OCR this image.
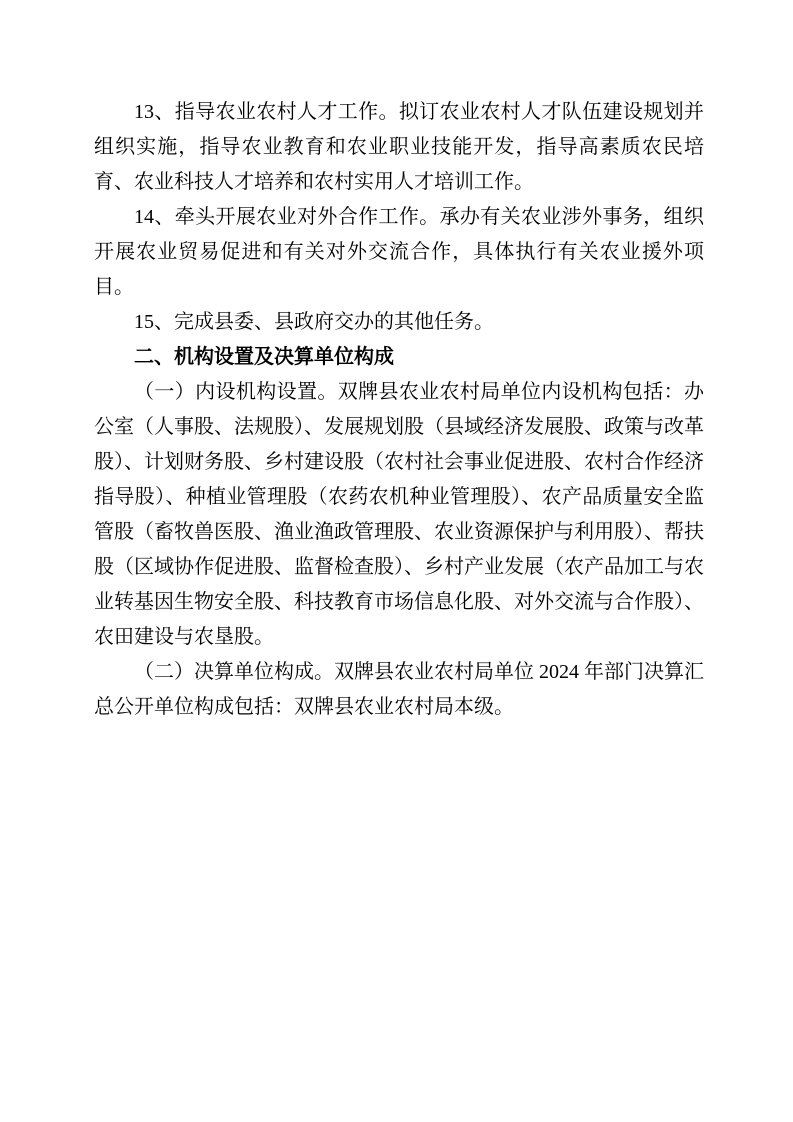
13、指导农业农村人才工作。拟订农业农村人才队伍建设规划并组织实施，指导农业教育和农业职业技能开发，指导高素质农民培育、农业科技人才培养和农村实用人才培训工作。

14、牵头开展农业对外合作工作。承办有关农业涉外事务，组织开展农业贸易促进和有关对外交流合作，具体执行有关农业援外项目。

15、完成县委、县政府交办的其他任务。

二、机构设置及决算单位构成

（一）内设机构设置。双牌县农业农村局单位内设机构包括：办公室（人事股、法规股）、发展规划股（县域经济发展股、政策与改革股）、计划财务股、乡村建设股（农村社会事业促进股、农村合作经济指导股）、种植业管理股（农药农机种业管理股）、农产品质量安全监管股（畜牧兽医股、渔业渔政管理股、农业资源保护与利用股）、帮扶股（区域协作促进股、监督检查股）、乡村产业发展（农产品加工与农业转基因生物安全股、科技教育市场信息化股、对外交流与合作股）、农田建设与农垦股。

（二）决算单位构成。双牌县农业农村局单位 2024 年部门决算汇总公开单位构成包括：双牌县农业农村局本级。
